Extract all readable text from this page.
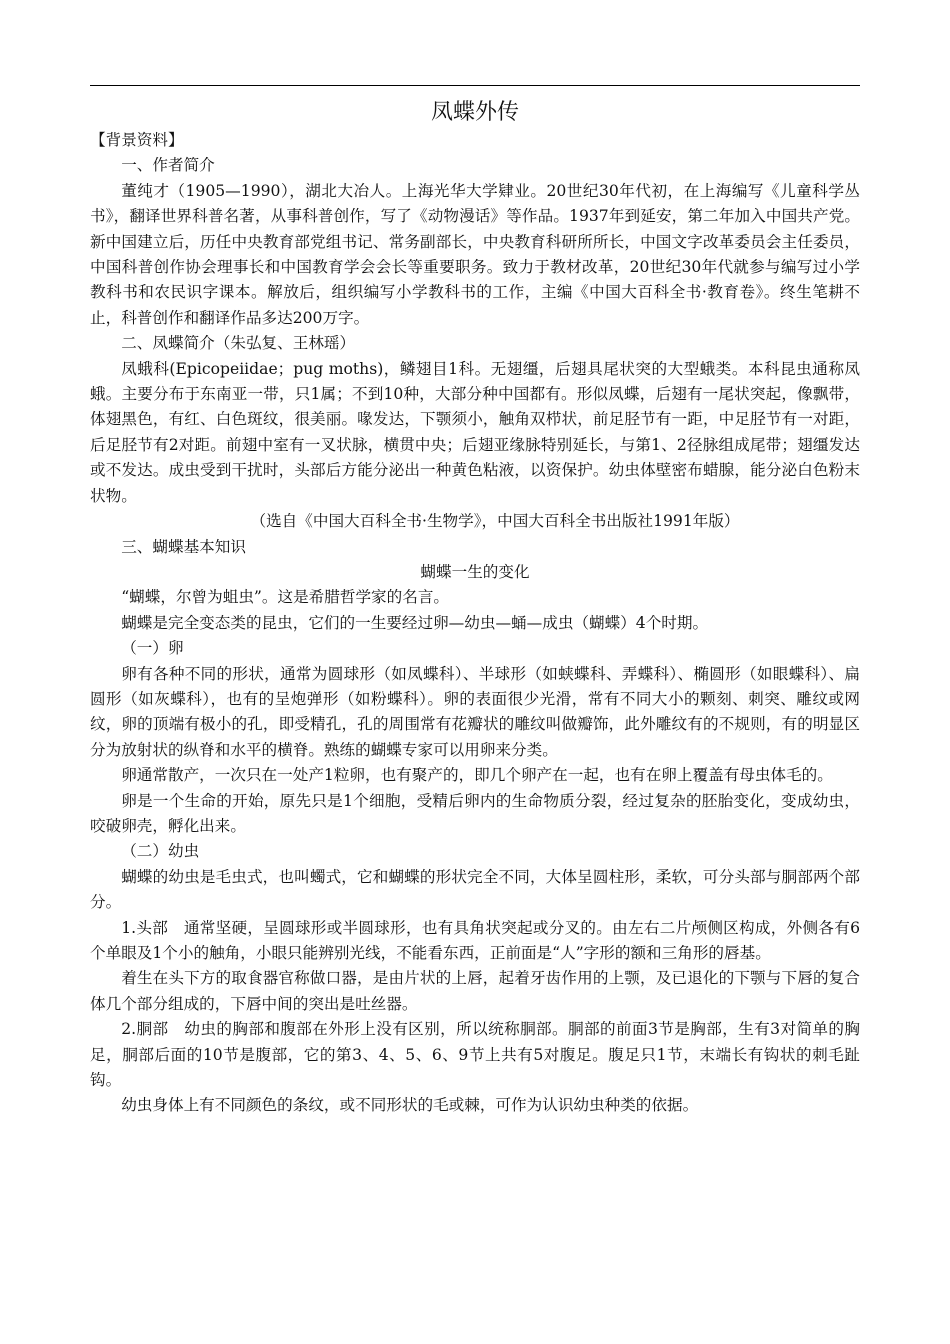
凤蝶外传

【背景资料】

一、作者简介

董纯才（1905—1990），湖北大冶人。上海光华大学肄业。20世纪30年代初，在上海编写《儿童科学丛书》，翻译世界科普名著，从事科普创作，写了《动物漫话》等作品。1937年到延安，第二年加入中国共产党。新中国建立后，历任中央教育部党组书记、常务副部长，中央教育科研所所长，中国文字改革委员会主任委员，中国科普创作协会理事长和中国教育学会会长等重要职务。致力于教材改革，20世纪30年代就参与编写过小学教科书和农民识字课本。解放后，组织编写小学教科书的工作，主编《中国大百科全书·教育卷》。终生笔耕不止，科普创作和翻译作品多达200万字。

二、凤蝶简介（朱弘复、王林瑶）

凤蛾科(Epicopeiidae；pug moths)，鳞翅目1科。无翅缰，后翅具尾状突的大型蛾类。本科昆虫通称凤蛾。主要分布于东南亚一带，只1属；不到10种，大部分种中国都有。形似凤蝶，后翅有一尾状突起，像飘带，体翅黑色，有红、白色斑纹，很美丽。喙发达，下颚须小，触角双栉状，前足胫节有一距，中足胫节有一对距，后足胫节有2对距。前翅中室有一叉状脉，横贯中央；后翅亚缘脉特别延长，与第1、2径脉组成尾带；翅缰发达或不发达。成虫受到干扰时，头部后方能分泌出一种黄色粘液，以资保护。幼虫体壁密布蜡腺，能分泌白色粉末状物。

（选自《中国大百科全书·生物学》，中国大百科全书出版社1991年版）

三、蝴蝶基本知识

蝴蝶一生的变化

“蝴蝶，尔曾为蛆虫”。这是希腊哲学家的名言。

蝴蝶是完全变态类的昆虫，它们的一生要经过卵—幼虫—蛹—成虫（蝴蝶）4个时期。

（一）卵

卵有各种不同的形状，通常为圆球形（如凤蝶科）、半球形（如蛱蝶科、弄蝶科）、椭圆形（如眼蝶科）、扁圆形（如灰蝶科），也有的呈炮弹形（如粉蝶科）。卵的表面很少光滑，常有不同大小的颗刻、刺突、雕纹或网纹，卵的顶端有极小的孔，即受精孔，孔的周围常有花瓣状的雕纹叫做瓣饰，此外雕纹有的不规则，有的明显区分为放射状的纵脊和水平的横脊。熟练的蝴蝶专家可以用卵来分类。

卵通常散产，一次只在一处产1粒卵，也有聚产的，即几个卵产在一起，也有在卵上覆盖有母虫体毛的。

卵是一个生命的开始，原先只是1个细胞，受精后卵内的生命物质分裂，经过复杂的胚胎变化，变成幼虫，咬破卵壳，孵化出来。

（二）幼虫

蝴蝶的幼虫是毛虫式，也叫蠋式，它和蝴蝶的形状完全不同，大体呈圆柱形，柔软，可分头部与胴部两个部分。

1.头部　通常坚硬，呈圆球形或半圆球形，也有具角状突起或分叉的。由左右二片颅侧区构成，外侧各有6个单眼及1个小的触角，小眼只能辨别光线，不能看东西，正前面是“人”字形的额和三角形的唇基。

着生在头下方的取食器官称做口器，是由片状的上唇，起着牙齿作用的上颚，及已退化的下颚与下唇的复合体几个部分组成的，下唇中间的突出是吐丝器。

2.胴部　幼虫的胸部和腹部在外形上没有区别，所以统称胴部。胴部的前面3节是胸部，生有3对简单的胸足，胴部后面的10节是腹部，它的第3、4、5、6、9节上共有5对腹足。腹足只1节，末端长有钩状的刺毛趾钩。

幼虫身体上有不同颜色的条纹，或不同形状的毛或棘，可作为认识幼虫种类的依据。
